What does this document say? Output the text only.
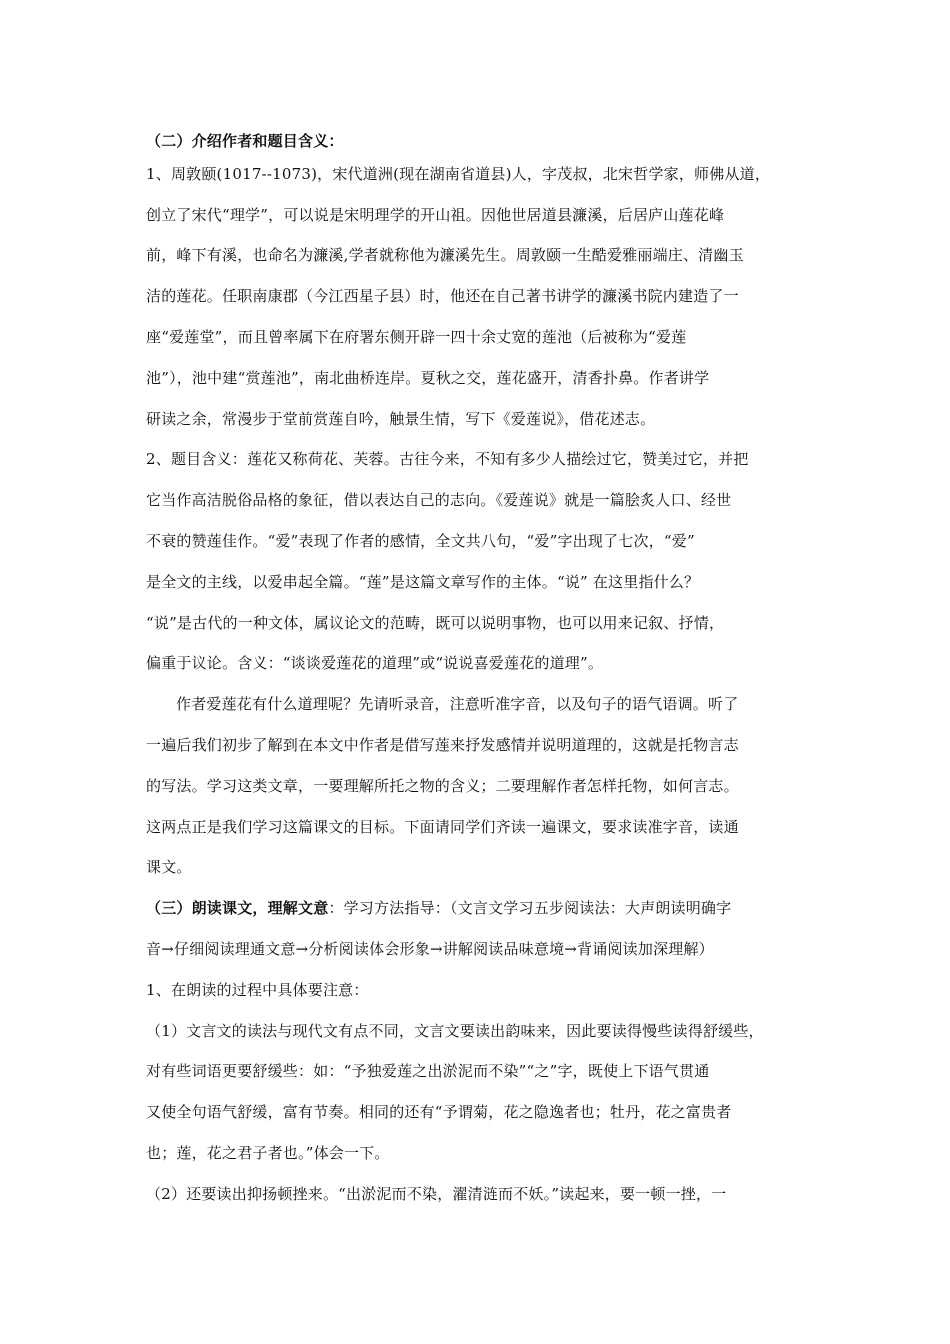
（二）介绍作者和题目含义：
1、周敦颐(1017--1073)，宋代道洲(现在湖南省道县)人，字茂叔，北宋哲学家，师佛从道，
创立了宋代“理学”，可以说是宋明理学的开山祖。因他世居道县濂溪，后居庐山莲花峰
前，峰下有溪，也命名为濂溪,学者就称他为濂溪先生。周敦颐一生酷爱雅丽端庄、清幽玉
洁的莲花。任职南康郡（今江西星子县）时，他还在自己著书讲学的濂溪书院内建造了一
座“爱莲堂”，而且曾率属下在府署东侧开辟一四十余丈宽的莲池（后被称为“爱莲
池”），池中建“赏莲池”，南北曲桥连岸。夏秋之交，莲花盛开，清香扑鼻。作者讲学
研读之余，常漫步于堂前赏莲自吟，触景生情，写下《爱莲说》，借花述志。
2、题目含义：莲花又称荷花、芙蓉。古往今来，不知有多少人描绘过它，赞美过它，并把
它当作高洁脱俗品格的象征，借以表达自己的志向。《爱莲说》就是一篇脍炙人口、经世
不衰的赞莲佳作。“爱”表现了作者的感情，全文共八句，“爱”字出现了七次，“爱”
是全文的主线，以爱串起全篇。“莲”是这篇文章写作的主体。“说” 在这里指什么？
“说”是古代的一种文体，属议论文的范畴，既可以说明事物，也可以用来记叙、抒情，
偏重于议论。含义：“谈谈爱莲花的道理”或“说说喜爱莲花的道理”。
作者爱莲花有什么道理呢？先请听录音，注意听准字音，以及句子的语气语调。听了
一遍后我们初步了解到在本文中作者是借写莲来抒发感情并说明道理的，这就是托物言志
的写法。学习这类文章，一要理解所托之物的含义；二要理解作者怎样托物，如何言志。
这两点正是我们学习这篇课文的目标。下面请同学们齐读一遍课文，要求读准字音，读通
课文。
（三）朗读课文，理解文意：学习方法指导：（文言文学习五步阅读法：大声朗读明确字
音→仔细阅读理通文意→分析阅读体会形象→讲解阅读品味意境→背诵阅读加深理解）
1、在朗读的过程中具体要注意：
（1）文言文的读法与现代文有点不同，文言文要读出韵味来，因此要读得慢些读得舒缓些，
对有些词语更要舒缓些：如：“予独爱莲之出淤泥而不染”“之”字，既使上下语气贯通
又使全句语气舒缓，富有节奏。相同的还有“予谓菊，花之隐逸者也；牡丹，花之富贵者
也；莲，花之君子者也。”体会一下。
（2）还要读出抑扬顿挫来。“出淤泥而不染，濯清涟而不妖。”读起来，要一顿一挫，一
